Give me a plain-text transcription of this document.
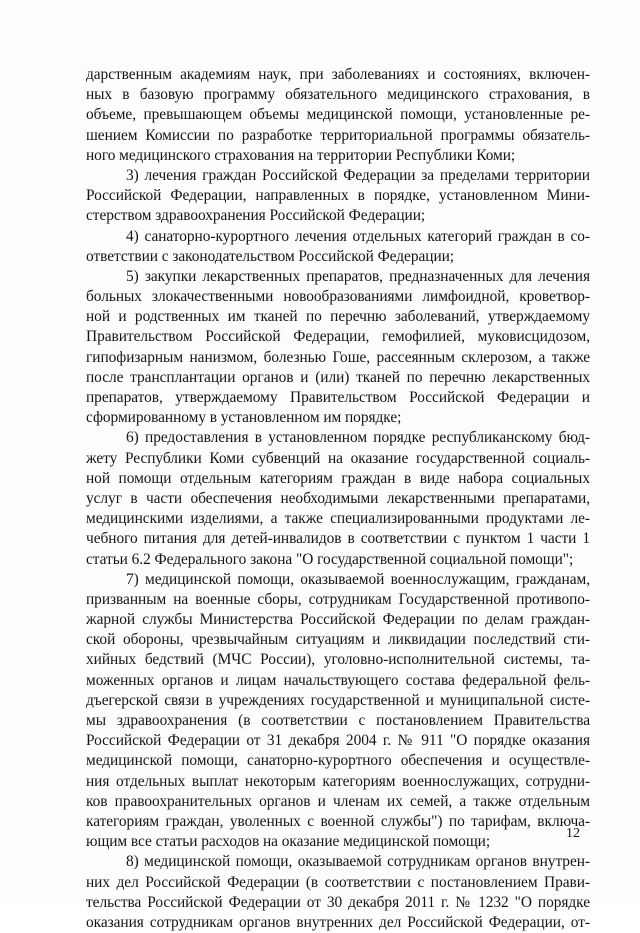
дарственным академиям наук, при заболеваниях и состояниях, включен-
ных в базовую программу обязательного медицинского страхования, в
объеме, превышающем объемы медицинской помощи, установленные ре-
шением Комиссии по разработке территориальной программы обязатель-
ного медицинского страхования на территории Республики Коми;
3) лечения граждан Российской Федерации за пределами территории
Российской Федерации, направленных в порядке, установленном Мини-
стерством здравоохранения Российской Федерации;
4) санаторно-курортного лечения отдельных категорий граждан в со-
ответствии с законодательством Российской Федерации;
5) закупки лекарственных препаратов, предназначенных для лечения
больных злокачественными новообразованиями лимфоидной, кроветвор-
ной и родственных им тканей по перечню заболеваний, утверждаемому
Правительством Российской Федерации, гемофилией, муковисцидозом,
гипофизарным нанизмом, болезнью Гоше, рассеянным склерозом, а также
после трансплантации органов и (или) тканей по перечню лекарственных
препаратов, утверждаемому Правительством Российской Федерации и
сформированному в установленном им порядке;
6) предоставления в установленном порядке республиканскому бюд-
жету Республики Коми субвенций на оказание государственной социаль-
ной помощи отдельным категориям граждан в виде набора социальных
услуг в части обеспечения необходимыми лекарственными препаратами,
медицинскими изделиями, а также специализированными продуктами ле-
чебного питания для детей-инвалидов в соответствии с пунктом 1 части 1
статьи 6.2 Федерального закона "О государственной социальной помощи";
7) медицинской помощи, оказываемой военнослужащим, гражданам,
призванным на военные сборы, сотрудникам Государственной противопо-
жарной службы Министерства Российской Федерации по делам граждан-
ской обороны, чрезвычайным ситуациям и ликвидации последствий сти-
хийных бедствий (МЧС России), уголовно-исполнительной системы, та-
моженных органов и лицам начальствующего состава федеральной фель-
дъегерской связи в учреждениях государственной и муниципальной систе-
мы здравоохранения (в соответствии с постановлением Правительства
Российской Федерации от 31 декабря 2004 г. № 911 "О порядке оказания
медицинской помощи, санаторно-курортного обеспечения и осуществле-
ния отдельных выплат некоторым категориям военнослужащих, сотрудни-
ков правоохранительных органов и членам их семей, а также отдельным
категориям граждан, уволенных с военной службы") по тарифам, включа-
ющим все статьи расходов на оказание медицинской помощи;
8) медицинской помощи, оказываемой сотрудникам органов внутрен-
них дел Российской Федерации (в соответствии с постановлением Прави-
тельства Российской Федерации от 30 декабря 2011 г. № 1232 "О порядке
оказания сотрудникам органов внутренних дел Российской Федерации, от-
12
